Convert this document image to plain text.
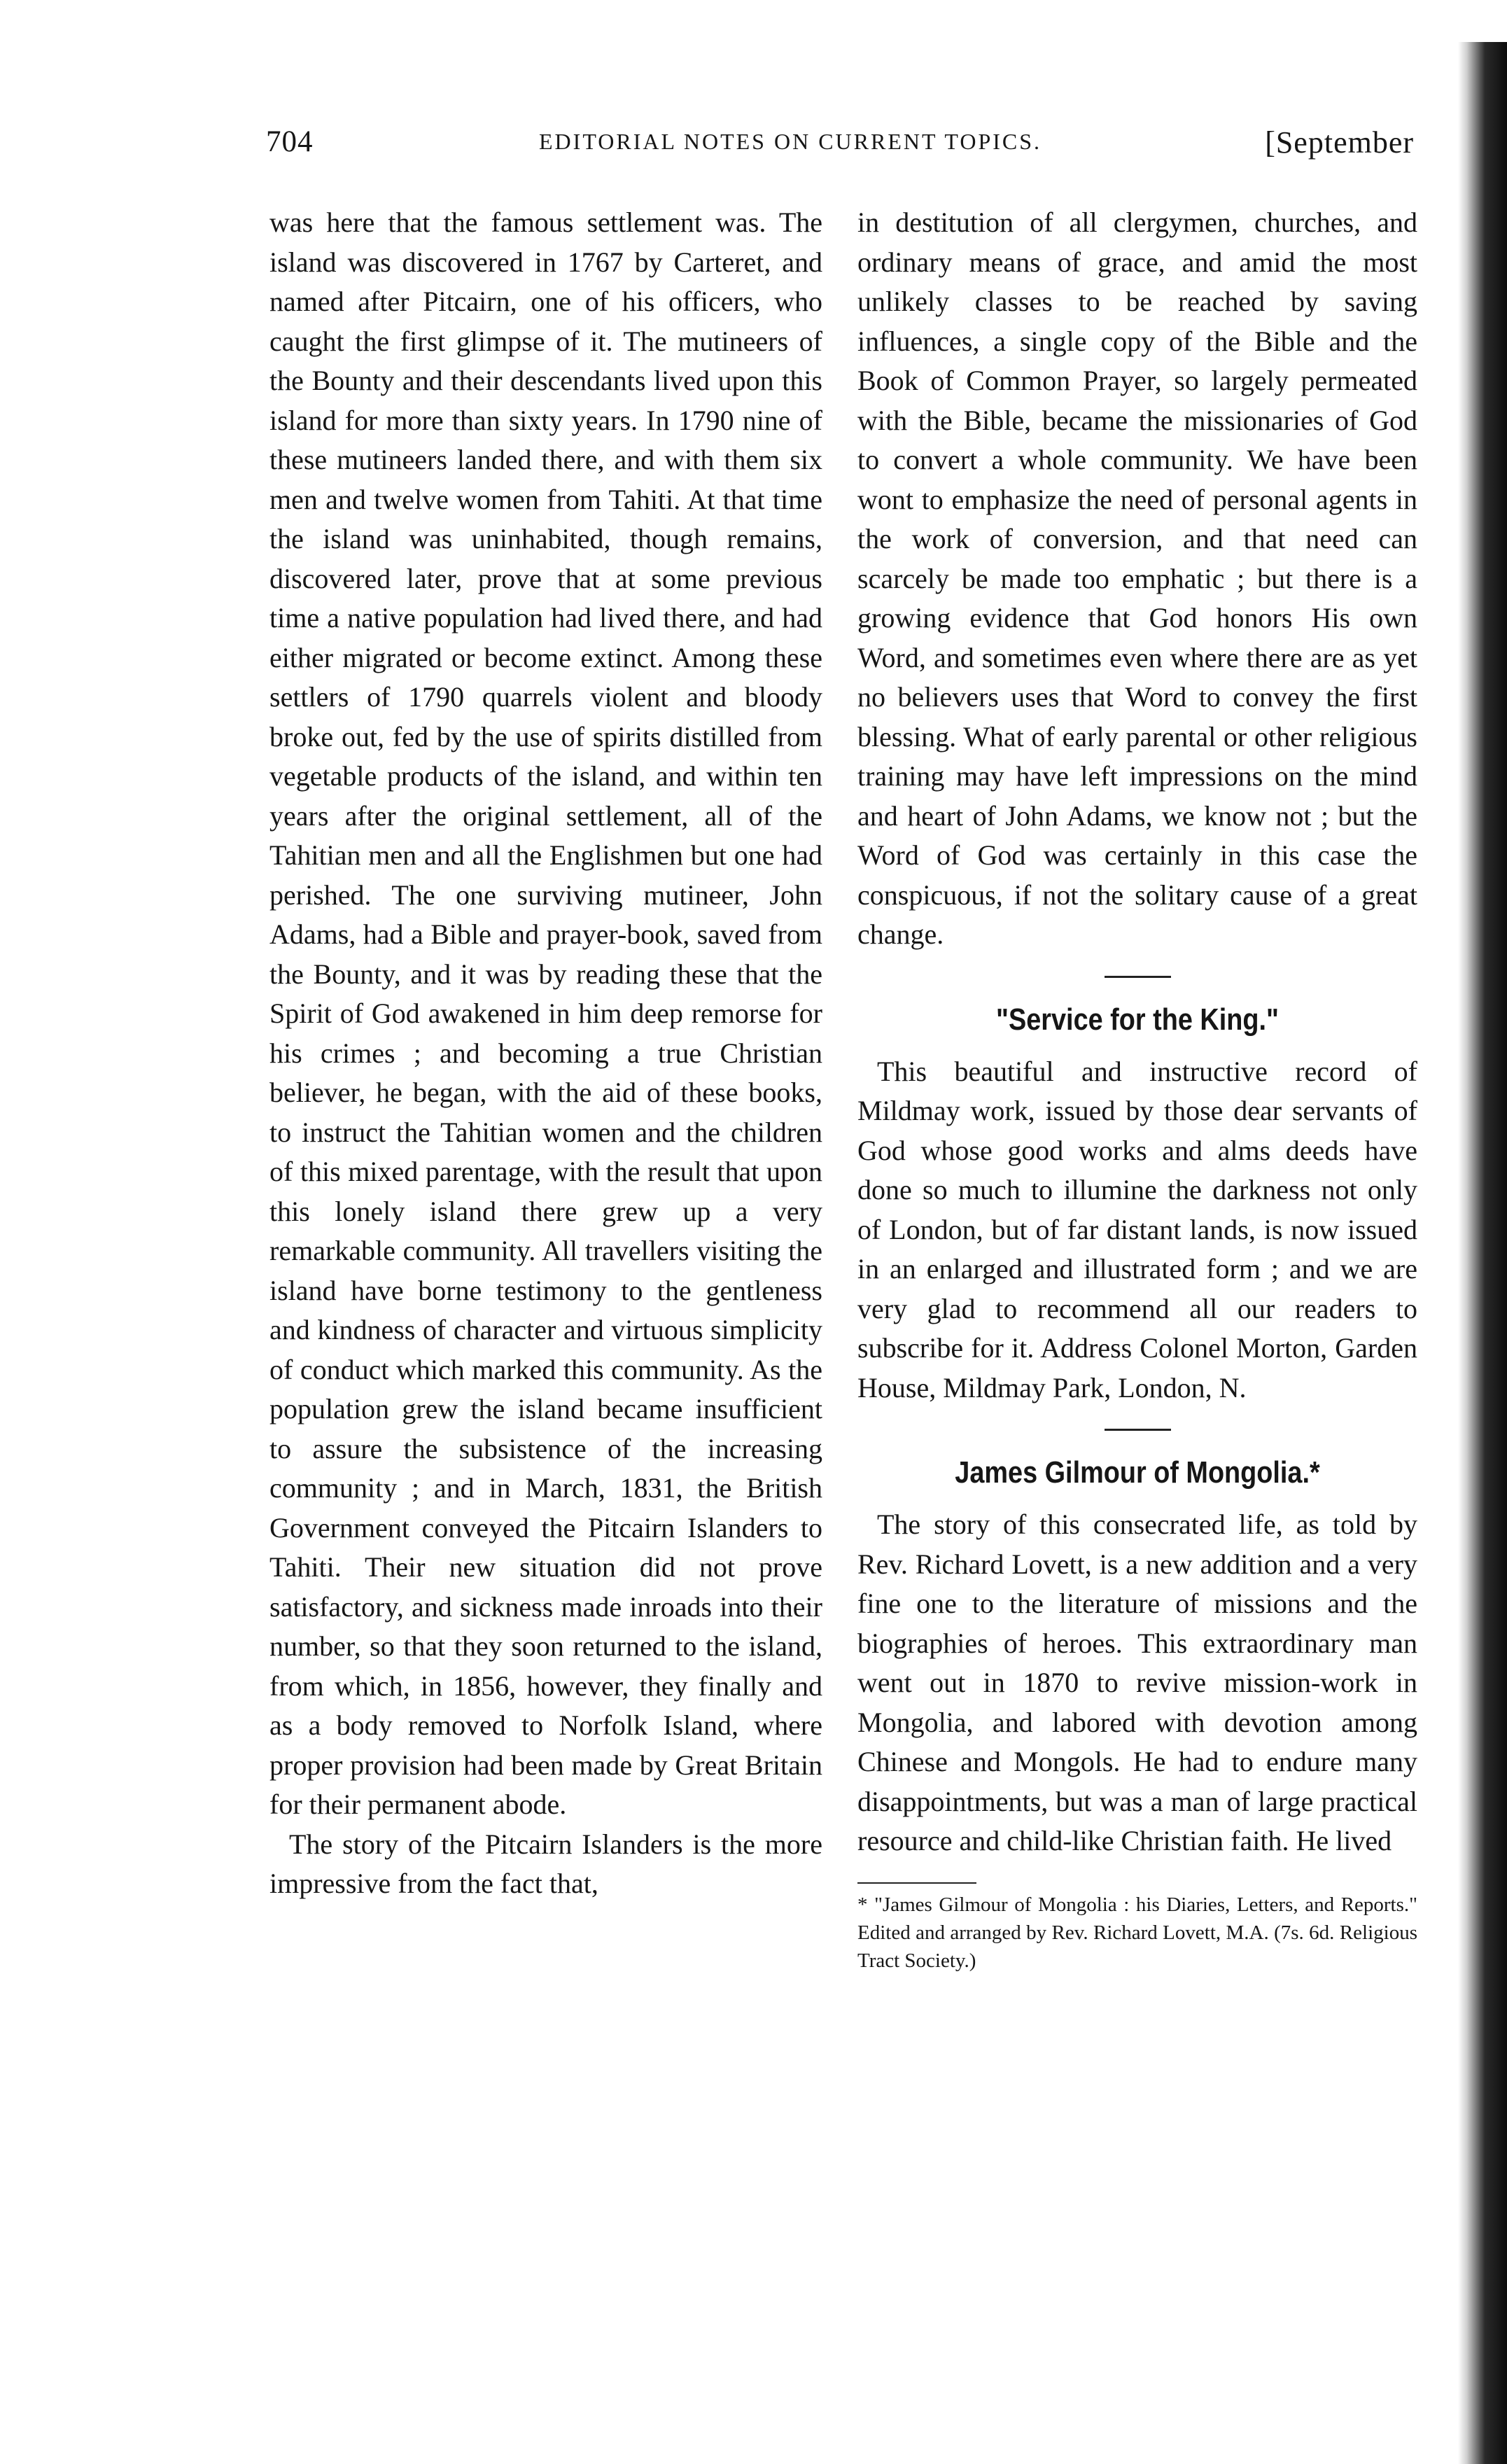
704	EDITORIAL NOTES ON CURRENT TOPICS.	[September

was here that the famous settlement was. The island was discovered in 1767 by Carteret, and named after Pitcairn, one of his officers, who caught the first glimpse of it. The mutineers of the Bounty and their descendants lived upon this island for more than sixty years. In 1790 nine of these mutineers landed there, and with them six men and twelve women from Tahiti. At that time the island was uninhabited, though remains, discovered later, prove that at some previous time a native population had lived there, and had either migrated or become extinct. Among these settlers of 1790 quarrels violent and bloody broke out, fed by the use of spirits distilled from vegetable products of the island, and within ten years after the original settlement, all of the Tahitian men and all the Englishmen but one had perished. The one surviving mutineer, John Adams, had a Bible and prayer-book, saved from the Bounty, and it was by reading these that the Spirit of God awakened in him deep remorse for his crimes ; and becoming a true Christian believer, he began, with the aid of these books, to instruct the Tahitian women and the children of this mixed parentage, with the result that upon this lonely island there grew up a very remarkable community. All travellers visiting the island have borne testimony to the gentleness and kindness of character and virtuous simplicity of conduct which marked this community. As the population grew the island became insufficient to assure the subsistence of the increasing community ; and in March, 1831, the British Government conveyed the Pitcairn Islanders to Tahiti. Their new situation did not prove satisfactory, and sickness made inroads into their number, so that they soon returned to the island, from which, in 1856, however, they finally and as a body removed to Norfolk Island, where proper provision had been made by Great Britain for their permanent abode.

The story of the Pitcairn Islanders is the more impressive from the fact that,

in destitution of all clergymen, churches, and ordinary means of grace, and amid the most unlikely classes to be reached by saving influences, a single copy of the Bible and the Book of Common Prayer, so largely permeated with the Bible, became the missionaries of God to convert a whole community. We have been wont to emphasize the need of personal agents in the work of conversion, and that need can scarcely be made too emphatic ; but there is a growing evidence that God honors His own Word, and sometimes even where there are as yet no believers uses that Word to convey the first blessing. What of early parental or other religious training may have left impressions on the mind and heart of John Adams, we know not ; but the Word of God was certainly in this case the conspicuous, if not the solitary cause of a great change.

"Service for the King."

This beautiful and instructive record of Mildmay work, issued by those dear servants of God whose good works and alms deeds have done so much to illumine the darkness not only of London, but of far distant lands, is now issued in an enlarged and illustrated form ; and we are very glad to recommend all our readers to subscribe for it. Address Colonel Morton, Garden House, Mildmay Park, London, N.

James Gilmour of Mongolia.*

The story of this consecrated life, as told by Rev. Richard Lovett, is a new addition and a very fine one to the literature of missions and the biographies of heroes. This extraordinary man went out in 1870 to revive mission-work in Mongolia, and labored with devotion among Chinese and Mongols. He had to endure many disappointments, but was a man of large practical resource and child-like Christian faith. He lived

* "James Gilmour of Mongolia : his Diaries, Letters, and Reports." Edited and arranged by Rev. Richard Lovett, M.A. (7s. 6d. Religious Tract Society.)
